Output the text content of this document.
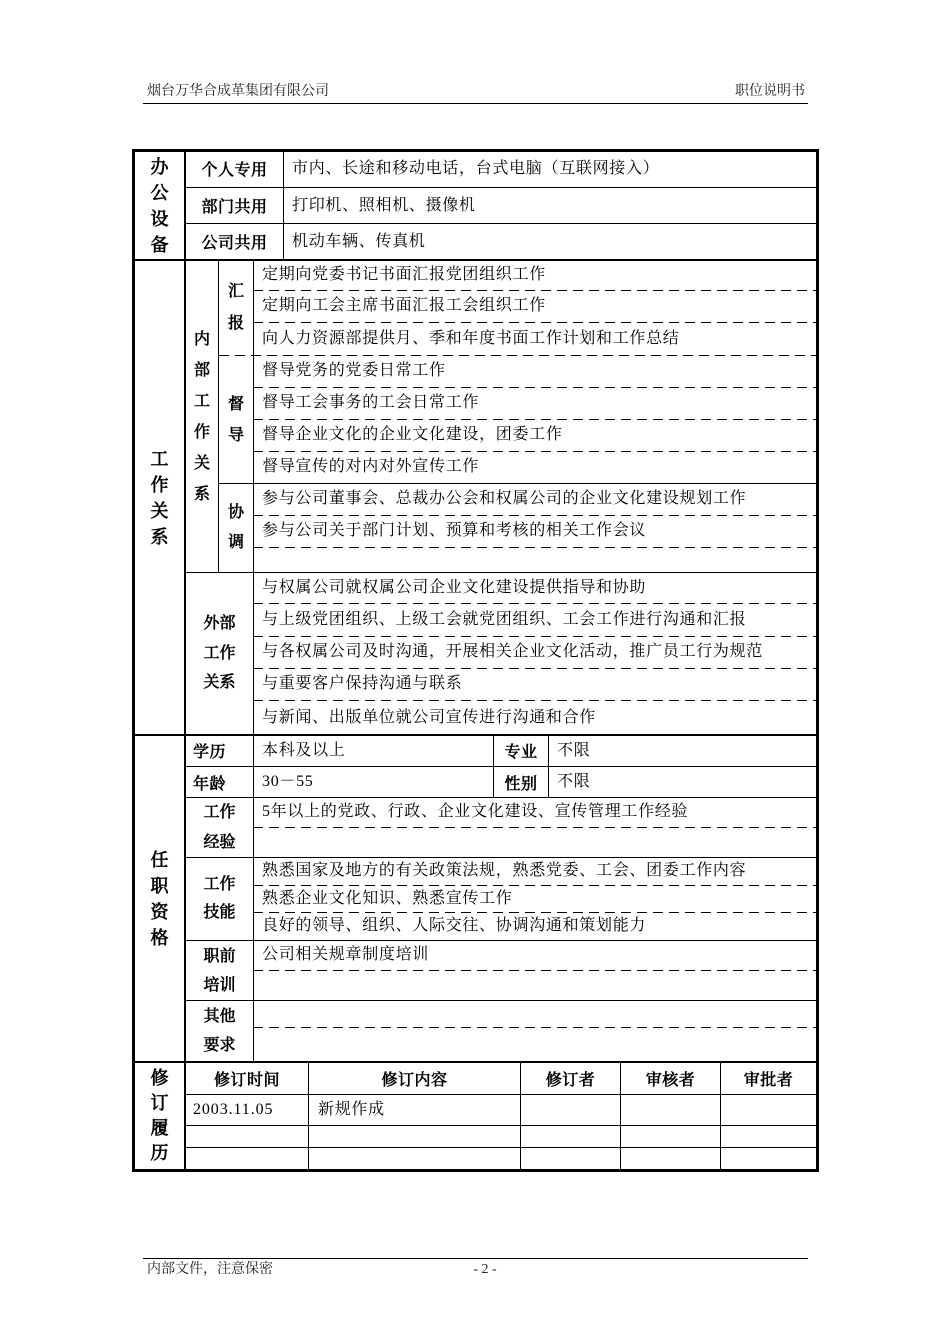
烟台万华合成革集团有限公司	职位说明书
办公设备
个人专用 市内、长途和移动电话，台式电脑（互联网接入）
部门共用 打印机、照相机、摄像机
公司共用 机动车辆、传真机
工作关系
内部工作关系
汇报
定期向党委书记书面汇报党团组织工作
定期向工会主席书面汇报工会组织工作
向人力资源部提供月、季和年度书面工作计划和工作总结
督导
督导党务的党委日常工作
督导工会事务的工会日常工作
督导企业文化的企业文化建设，团委工作
督导宣传的对内对外宣传工作
协调
参与公司董事会、总裁办公会和权属公司的企业文化建设规划工作
参与公司关于部门计划、预算和考核的相关工作会议
外部工作关系
与权属公司就权属公司企业文化建设提供指导和协助
与上级党团组织、上级工会就党团组织、工会工作进行沟通和汇报
与各权属公司及时沟通，开展相关企业文化活动，推广员工行为规范
与重要客户保持沟通与联系
与新闻、出版单位就公司宣传进行沟通和合作
任职资格
学历 本科及以上	专业 不限
年龄 30－55	性别 不限
工作经验
5年以上的党政、行政、企业文化建设、宣传管理工作经验
工作技能
熟悉国家及地方的有关政策法规，熟悉党委、工会、团委工作内容
熟悉企业文化知识、熟悉宣传工作
良好的领导、组织、人际交往、协调沟通和策划能力
职前培训
公司相关规章制度培训
其他要求
修订履历
修订时间	修订内容	修订者	审核者	审批者
2003.11.05	新规作成
内部文件，注意保密	- 2 -
